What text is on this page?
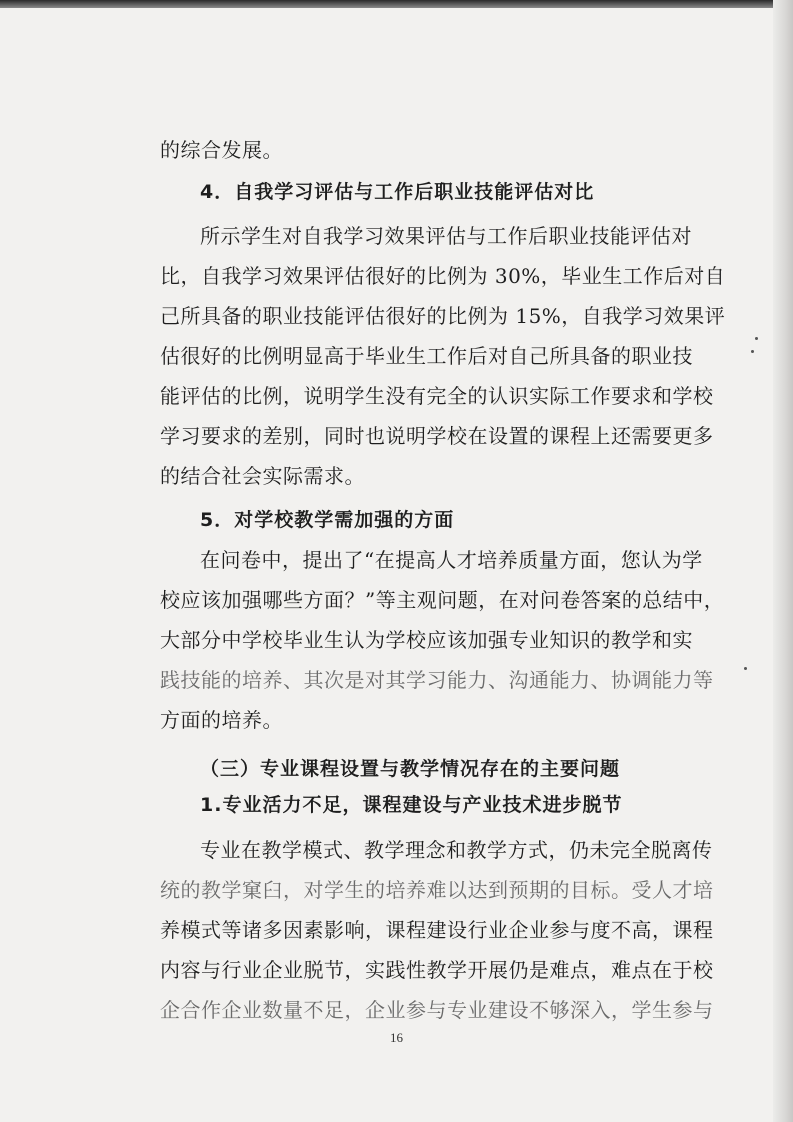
的综合发展。
4．自我学习评估与工作后职业技能评估对比
所示学生对自我学习效果评估与工作后职业技能评估对
比，自我学习效果评估很好的比例为 30%，毕业生工作后对自
己所具备的职业技能评估很好的比例为 15%，自我学习效果评
估很好的比例明显高于毕业生工作后对自己所具备的职业技
能评估的比例，说明学生没有完全的认识实际工作要求和学校
学习要求的差别，同时也说明学校在设置的课程上还需要更多
的结合社会实际需求。
5．对学校教学需加强的方面
在问卷中，提出了“在提高人才培养质量方面，您认为学
校应该加强哪些方面？”等主观问题，在对问卷答案的总结中，
大部分中学校毕业生认为学校应该加强专业知识的教学和实
践技能的培养、其次是对其学习能力、沟通能力、协调能力等
方面的培养。
（三）专业课程设置与教学情况存在的主要问题
1.专业活力不足，课程建设与产业技术进步脱节
专业在教学模式、教学理念和教学方式，仍未完全脱离传
统的教学窠臼，对学生的培养难以达到预期的目标。受人才培
养模式等诸多因素影响，课程建设行业企业参与度不高，课程
内容与行业企业脱节，实践性教学开展仍是难点，难点在于校
企合作企业数量不足，企业参与专业建设不够深入，学生参与
16
